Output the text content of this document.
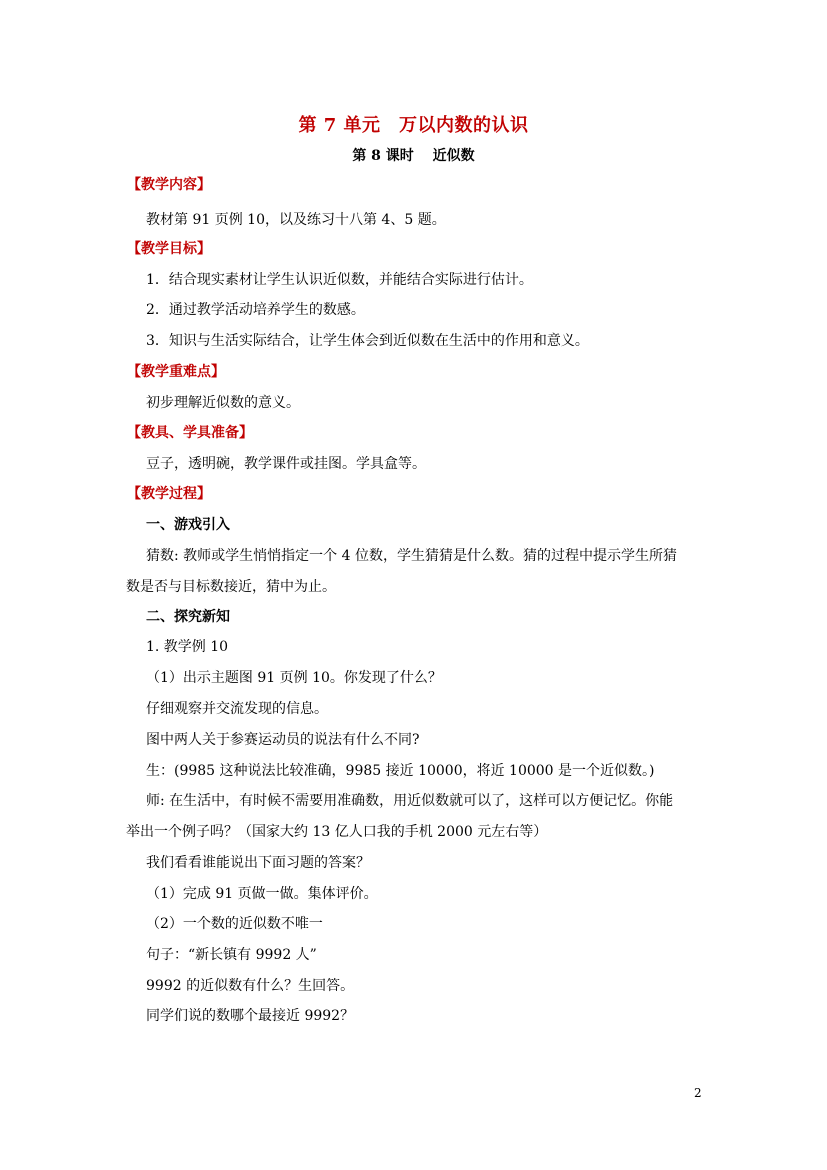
第 7 单元　万以内数的认识
第 8 课时　 近似数
【教学内容】
教材第 91 页例 10，以及练习十八第 4、5 题。
【教学目标】
1．结合现实素材让学生认识近似数，并能结合实际进行估计。
2．通过教学活动培养学生的数感。
3．知识与生活实际结合，让学生体会到近似数在生活中的作用和意义。
【教学重难点】
初步理解近似数的意义。
【教具、学具准备】
豆子，透明碗，教学课件或挂图。学具盒等。
【教学过程】
一、游戏引入
猜数: 教师或学生悄悄指定一个 4 位数，学生猜猜是什么数。猜的过程中提示学生所猜
数是否与目标数接近，猜中为止。
二、探究新知
1. 教学例 10
（1）出示主题图 91 页例 10。你发现了什么？
仔细观察并交流发现的信息。
图中两人关于参赛运动员的说法有什么不同?
生：(9985 这种说法比较准确，9985 接近 10000，将近 10000 是一个近似数。)
师: 在生活中，有时候不需要用准确数，用近似数就可以了，这样可以方便记忆。你能
举出一个例子吗？（国家大约 13 亿人口我的手机 2000 元左右等）
我们看看谁能说出下面习题的答案？
（1）完成 91 页做一做。集体评价。
（2）一个数的近似数不唯一
句子：“新长镇有 9992 人”
9992 的近似数有什么？生回答。
同学们说的数哪个最接近 9992？
2
